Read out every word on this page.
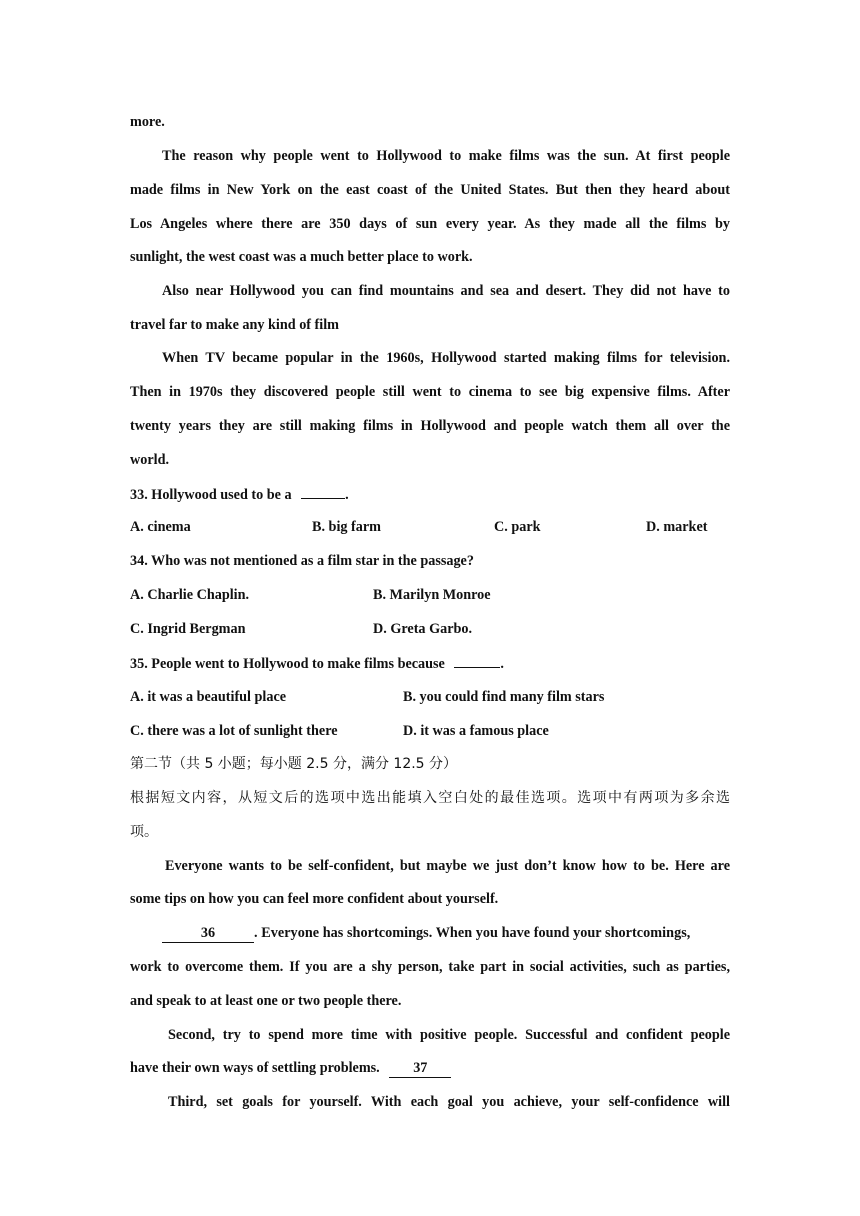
more.
The reason why people went to Hollywood to make films was the sun. At first people
made films in New York on the east coast of the United States. But then they heard about
Los Angeles where there are 350 days of sun every year. As they made all the films by
sunlight, the west coast was a much better place to work.
Also near Hollywood you can find mountains and sea and desert. They did not have to
travel far to make any kind of film
When TV became popular in the 1960s, Hollywood started making films for television.
Then in 1970s they discovered people still went to cinema to see big expensive films. After
twenty years they are still making films in Hollywood and people watch them all over the
world.
33. Hollywood used to be a	.
A. cinema	B. big farm	C. park	D. market
34. Who was not mentioned as a film star in the passage?
A. Charlie Chaplin.	B. Marilyn Monroe
C. Ingrid Bergman	D. Greta Garbo.
35. People went to Hollywood to make films because	.
A. it was a beautiful place	B. you could find many film stars
C. there was a lot of sunlight there	D. it was a famous place
第二节（共 5 小题；每小题 2.5 分，满分 12.5 分）
根据短文内容，从短文后的选项中选出能填入空白处的最佳选项。选项中有两项为多余选
项。
Everyone wants to be self-confident, but maybe we just don’t know how to be. Here are
some tips on how you can feel more confident about yourself.
36	. Everyone has shortcomings. When you have found your shortcomings,
work to overcome them. If you are a shy person, take part in social activities, such as parties,
and speak to at least one or two people there.
Second, try to spend more time with positive people. Successful and confident people
have their own ways of settling problems. 37
Third, set goals for yourself. With each goal you achieve, your self-confidence will
